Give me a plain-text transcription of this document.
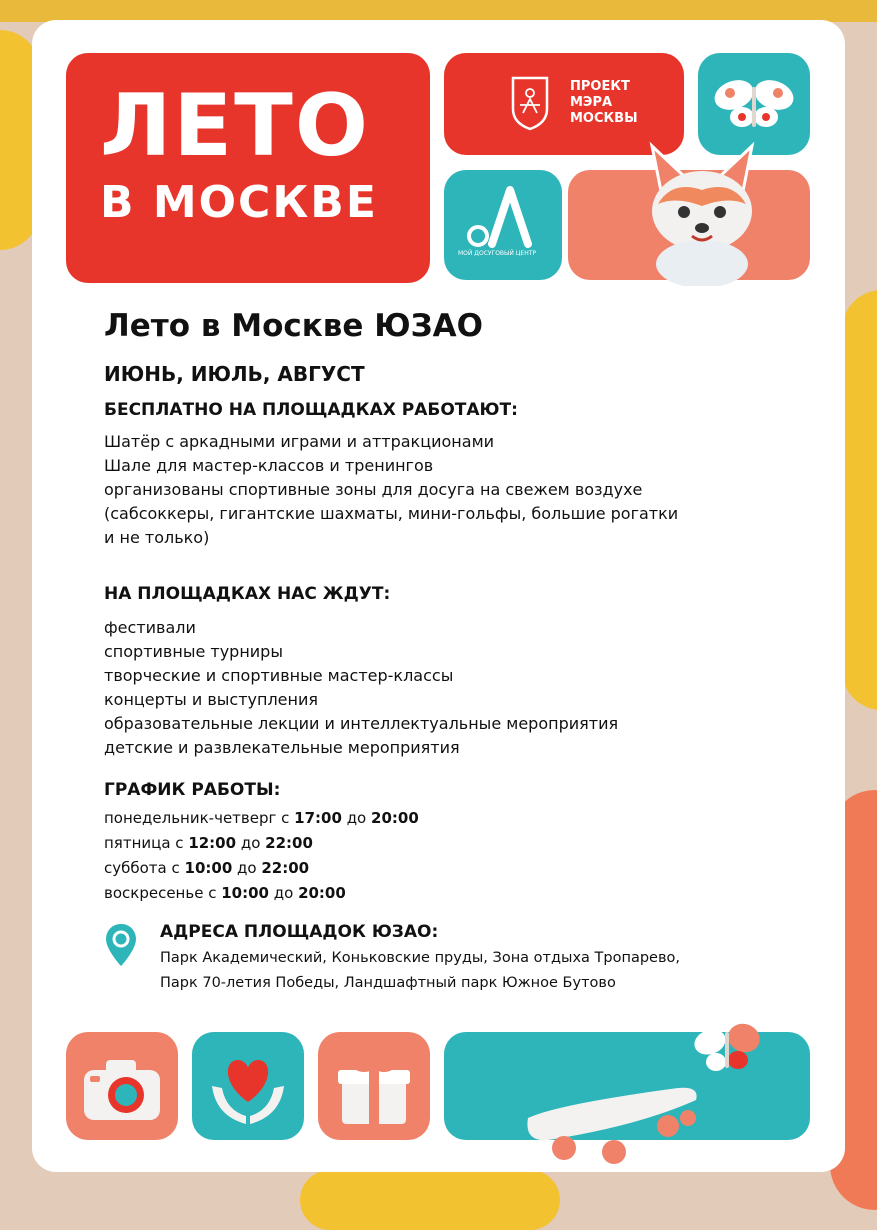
ЛЕТО
В МОСКВЕ
ПРОЕКТ
МЭРА
МОСКВЫ
МОЙ ДОСУГОВЫЙ ЦЕНТР
Лето в Москве ЮЗАО
ИЮНЬ, ИЮЛЬ, АВГУСТ
БЕСПЛАТНО НА ПЛОЩАДКАХ РАБОТАЮТ:
Шатёр с аркадными играми и аттракционами
Шале для мастер-классов и тренингов
организованы спортивные зоны для досуга на свежем воздухе
(сабсоккеры, гигантские шахматы, мини-гольфы, большие рогатки
и не только)
НА ПЛОЩАДКАХ НАС ЖДУТ:
фестивали
спортивные турниры
творческие и спортивные мастер-классы
концерты и выступления
образовательные лекции и интеллектуальные мероприятия
детские и развлекательные мероприятия
ГРАФИК РАБОТЫ:
понедельник-четверг с 17:00 до 20:00
пятница с 12:00 до 22:00
суббота с 10:00 до 22:00
воскресенье с 10:00 до 20:00
АДРЕСА ПЛОЩАДОК ЮЗАО:
Парк Академический, Коньковские пруды, Зона отдыха Тропарево,
Парк 70-летия Победы, Ландшафтный парк Южное Бутово
